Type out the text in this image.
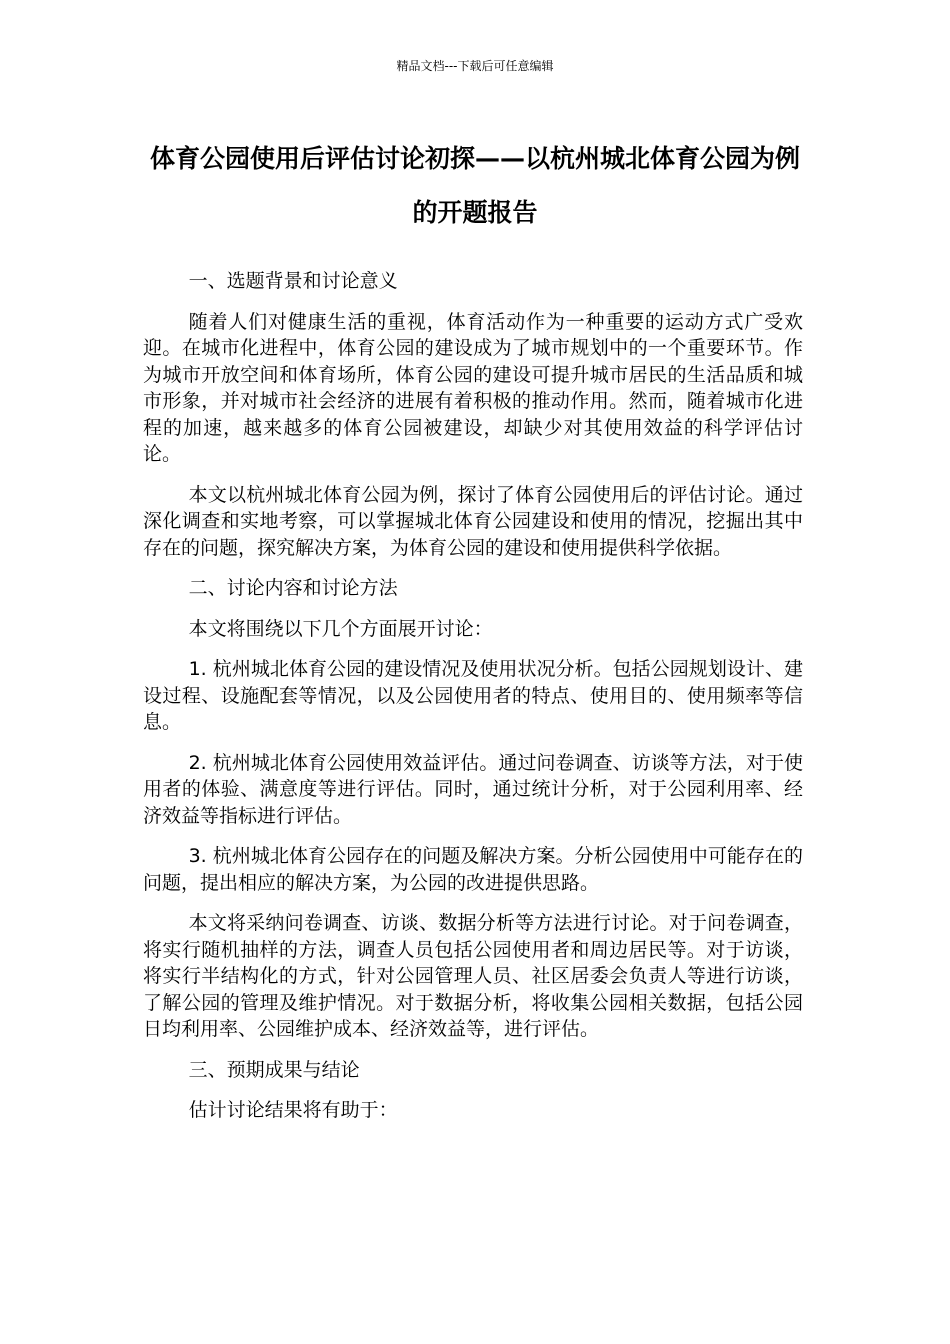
精品文档---下载后可任意编辑
体育公园使用后评估讨论初探——以杭州城北体育公园为例的开题报告

一、选题背景和讨论意义

随着人们对健康生活的重视，体育活动作为一种重要的运动方式广受欢迎。在城市化进程中，体育公园的建设成为了城市规划中的一个重要环节。作为城市开放空间和体育场所，体育公园的建设可提升城市居民的生活品质和城市形象，并对城市社会经济的进展有着积极的推动作用。然而，随着城市化进程的加速，越来越多的体育公园被建设，却缺少对其使用效益的科学评估讨论。

本文以杭州城北体育公园为例，探讨了体育公园使用后的评估讨论。通过深化调查和实地考察，可以掌握城北体育公园建设和使用的情况，挖掘出其中存在的问题，探究解决方案，为体育公园的建设和使用提供科学依据。

二、讨论内容和讨论方法

本文将围绕以下几个方面展开讨论：

1. 杭州城北体育公园的建设情况及使用状况分析。包括公园规划设计、建设过程、设施配套等情况，以及公园使用者的特点、使用目的、使用频率等信息。

2. 杭州城北体育公园使用效益评估。通过问卷调查、访谈等方法，对于使用者的体验、满意度等进行评估。同时，通过统计分析，对于公园利用率、经济效益等指标进行评估。

3. 杭州城北体育公园存在的问题及解决方案。分析公园使用中可能存在的问题，提出相应的解决方案，为公园的改进提供思路。

本文将采纳问卷调查、访谈、数据分析等方法进行讨论。对于问卷调查，将实行随机抽样的方法，调查人员包括公园使用者和周边居民等。对于访谈，将实行半结构化的方式，针对公园管理人员、社区居委会负责人等进行访谈，了解公园的管理及维护情况。对于数据分析，将收集公园相关数据，包括公园日均利用率、公园维护成本、经济效益等，进行评估。

三、预期成果与结论

估计讨论结果将有助于：
